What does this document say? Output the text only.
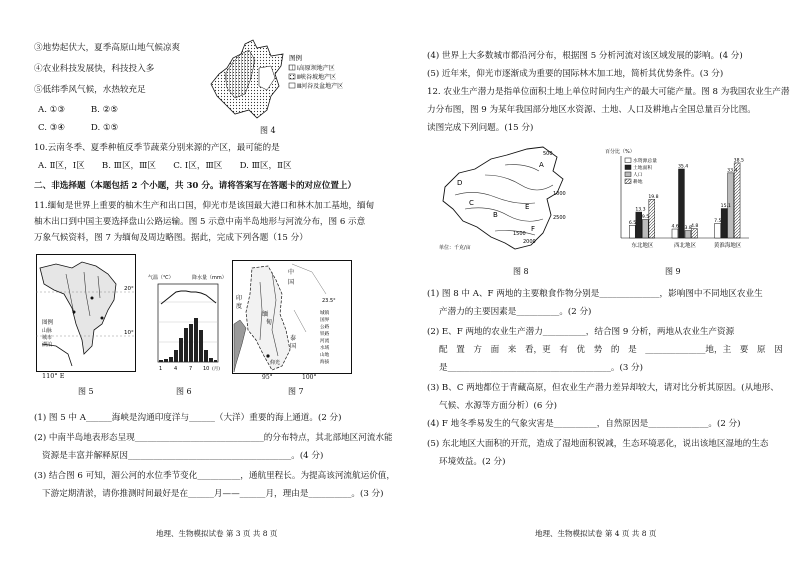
③地势起伏大，夏季高原山地气候凉爽
④农业科技发展快，科技投入多
⑤低纬季风气候，水热较充足
A. ①③　　　B. ②⑤
C. ③④　　　D. ①⑤
图例
Ⅰ高原坝地产区
Ⅱ峡谷坡地产区
Ⅲ河谷及盆地产区
图 4
10.云南冬季、夏季种植反季节蔬菜分别来源的产区，最可能的是
A. Ⅱ区，Ⅰ区　　B. Ⅲ区，Ⅲ区　　C. Ⅰ区，Ⅲ区　　D. Ⅲ区，Ⅱ区
二、非选择题（本题包括 2 个小题，共 30 分。请将答案写在答题卡的对应位置上）
11.缅甸是世界上重要的柚木生产和出口国，仰光市是该国最大港口和林木加工基地，缅甸
柚木出口到中国主要选择盘山公路运输。图 5 示意中南半岛地形与河流分布，图 6 示意
万象气候资料，图 7 为缅甸及周边略图。据此，完成下列各题（15 分）
20°
10°
图例
山脉
城市
湖泊
110° E
图 5
气温（℃）	降水量（mm）
1 4 7 10 (月)
图 6
中
国
缅
甸
泰
国
仰光
23.5°
印
度
城镇
国界
公路
铁路
河流
水域
山地
海拔
95°	100°
图 7
(1) 图 5 中 A______海峡是沟通印度洋与______（大洋）重要的海上通道。(2 分)
(2) 中南半岛地表形态呈现______________________________的分布特点，其北部地区河流水能
资源是丰富并解释原因______________________________________。(4 分)
(3) 结合图 6 可知，湄公河的水位季节变化__________，通航里程长。为提高该河流航运价值，
下游定期清淤，请你推测时间最好是在______月——______月，理由是__________。(3 分)
地理、生物模拟试卷 第 3 页 共 8 页
(4) 世界上大多数城市都沿河分布，根据图 5 分析河流对该区域发展的影响。(4 分)
(5) 近年来，仰光市逐渐成为重要的国际林木加工地，简析其优势条件。(3 分)
12. 农业生产潜力是指单位面积土地上单位时间内生产的最大可能产量。图 8 为我国农业生产潜
力分布图，图 9 为某年我国部分地区水资源、土地、人口及耕地占全国总量百分比图。
读图完成下列问题。(15 分)
D
C
B
A
E
F
500
1000
1500
2000
2500
单位：千克/亩
图 8
百分比（%）
水资源总量
土地面积
人口
耕地
6.5
13.3
9.5
19.8
4.6
35.4
3.8 4.8
7.5
15.1
33.4
38.5
东北地区	西北地区	黄淮海地区
图 9
(1) 图 8 中 A、F 两地的主要粮食作物分别是______________，影响图中不同地区农业生
产潜力的主要因素是__________。(2 分)
(2) E、F 两地的农业生产潜力__________，结合图 9 分析，两地从农业生产资源
配　置　方　面　来　看，更　有　优　势　的　是　______________地，主　要　原　因
是______________________________________。(3 分)
(3) B、C 两地都位于青藏高原，但农业生产潜力差异却较大，请对比分析其原因。(从地形、
气候、水源等方面分析）(6 分)
(4) F 地冬季易发生的气象灾害是__________，自然原因是______________。(2 分)
(5) 东北地区大面积的开荒，造成了湿地面积锐减，生态环境恶化，说出该地区湿地的生态
环境效益。(2 分)
地理、生物模拟试卷 第 4 页 共 8 页
